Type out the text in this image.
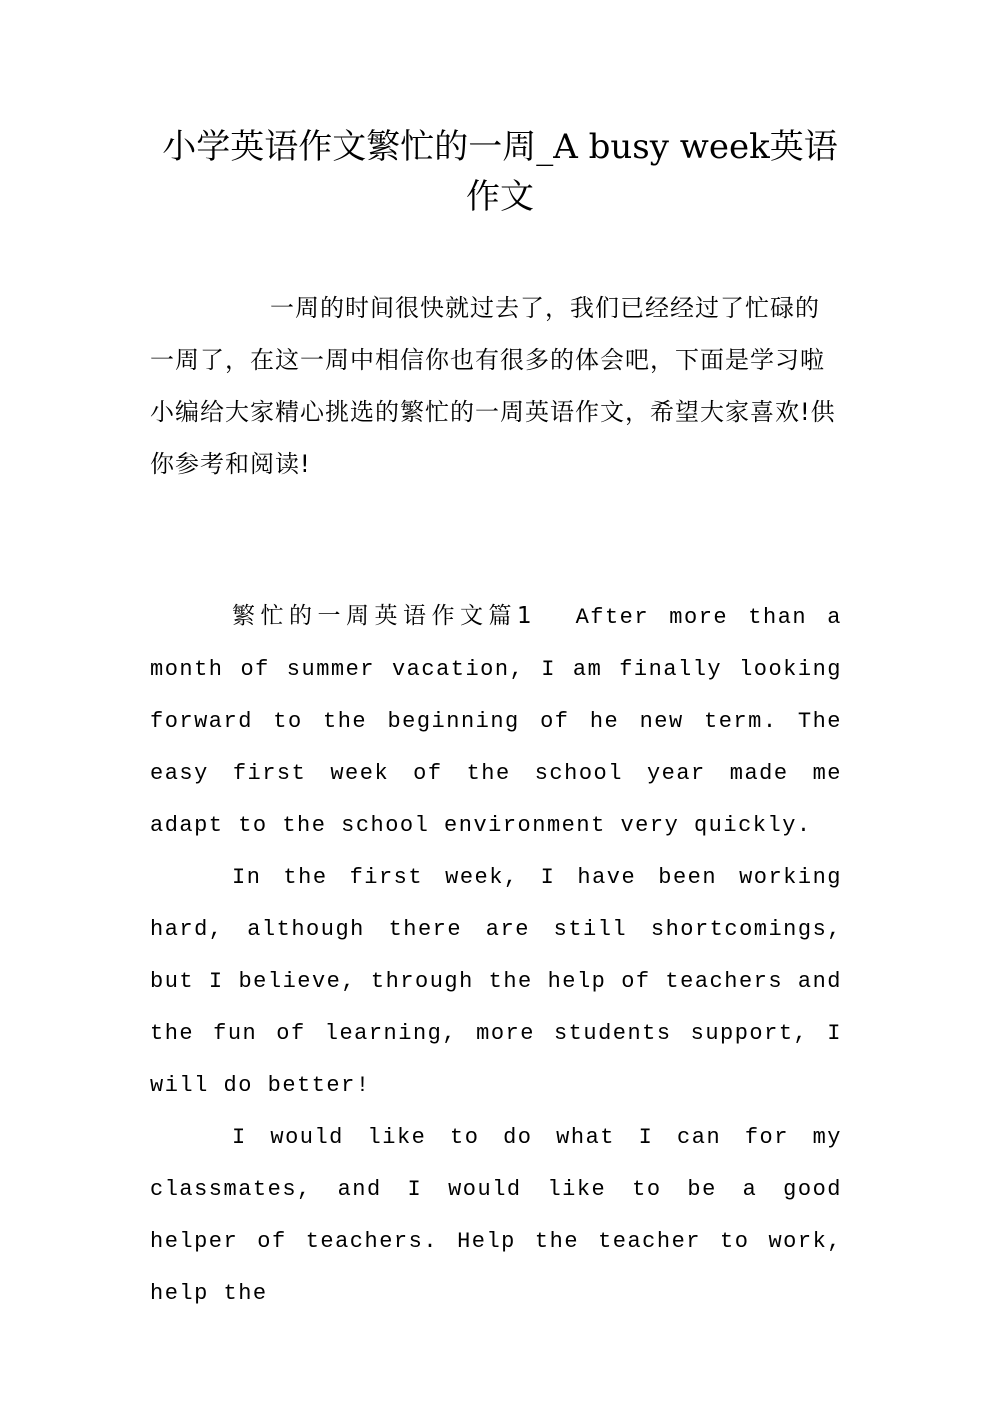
小学英语作文繁忙的一周_A busy week英语作文

一周的时间很快就过去了，我们已经经过了忙碌的一周了，在这一周中相信你也有很多的体会吧，下面是学习啦小编给大家精心挑选的繁忙的一周英语作文，希望大家喜欢!供你参考和阅读!

繁忙的一周英语作文篇1 After more than a month of summer vacation, I am finally looking forward to the beginning of he new term. The easy first week of the school year made me adapt to the school environment very quickly.

In the first week, I have been working hard, although there are still shortcomings, but I believe, through the help of teachers and the fun of learning, more students support, I will do better!

I would like to do what I can for my classmates, and I would like to be a good helper of teachers. Help the teacher to work, help the
